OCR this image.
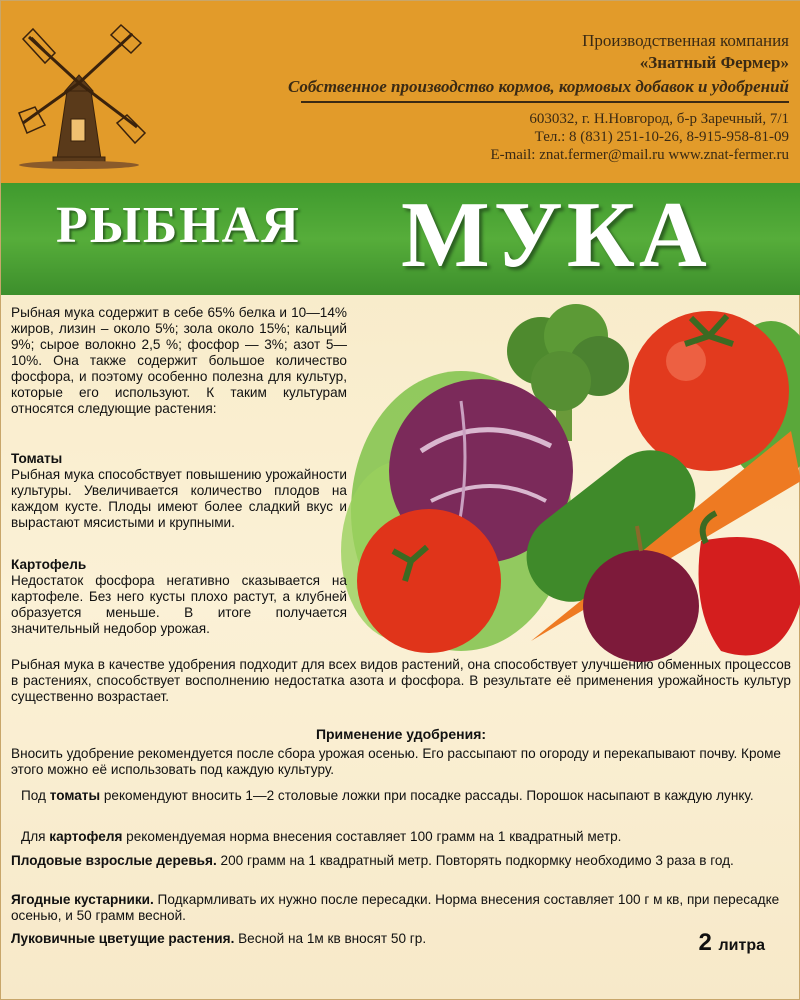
Производственная компания
«Знатный Фермер»
Собственное производство кормов, кормовых добавок и удобрений
603032, г. Н.Новгород, б-р Заречный, 7/1
Тел.: 8 (831) 251-10-26, 8-915-958-81-09
E-mail: znat.fermer@mail.ru www.znat-fermer.ru
РЫБНАЯ МУКА
Рыбная мука содержит в себе 65% белка и 10—14% жиров, лизин – около 5%; зола около 15%; кальций 9%; сырое волокно 2,5 %; фосфор — 3%; азот 5—10%. Она также содержит большое количество фосфора, и поэтому особенно полезна для культур, которые его используют. К таким культурам относятся следующие растения:
Томаты
Рыбная мука способствует повышению урожайности культуры. Увеличивается количество плодов на каждом кусте. Плоды имеют более сладкий вкус и вырастают мясистыми и крупными.
Картофель
Недостаток фосфора негативно сказывается на картофеле. Без него кусты плохо растут, а клубней образуется меньше. В итоге получается значительный недобор урожая.
Рыбная мука в качестве удобрения подходит для всех видов растений, она способствует улучшению обменных процессов в растениях, способствует восполнению недостатка азота и фосфора. В результате её применения урожайность культур существенно возрастает.
Применение удобрения:
Вносить удобрение рекомендуется после сбора урожая осенью. Его рассыпают по огороду и перекапывают почву. Кроме этого можно её использовать под каждую культуру.
Под томаты рекомендуют вносить 1—2 столовые ложки при посадке рассады. Порошок насыпают в каждую лунку.
Для картофеля рекомендуемая норма внесения составляет 100 грамм на 1 квадратный метр.
Плодовые взрослые деревья. 200 грамм на 1 квадратный метр. Повторять подкормку необходимо 3 раза в год.
Ягодные кустарники. Подкармливать их нужно после пересадки. Норма внесения составляет 100 г м кв, при пересадке осенью, и 50 грамм весной.
Луковичные цветущие растения. Весной на 1м кв вносят 50 гр.	2 литра
